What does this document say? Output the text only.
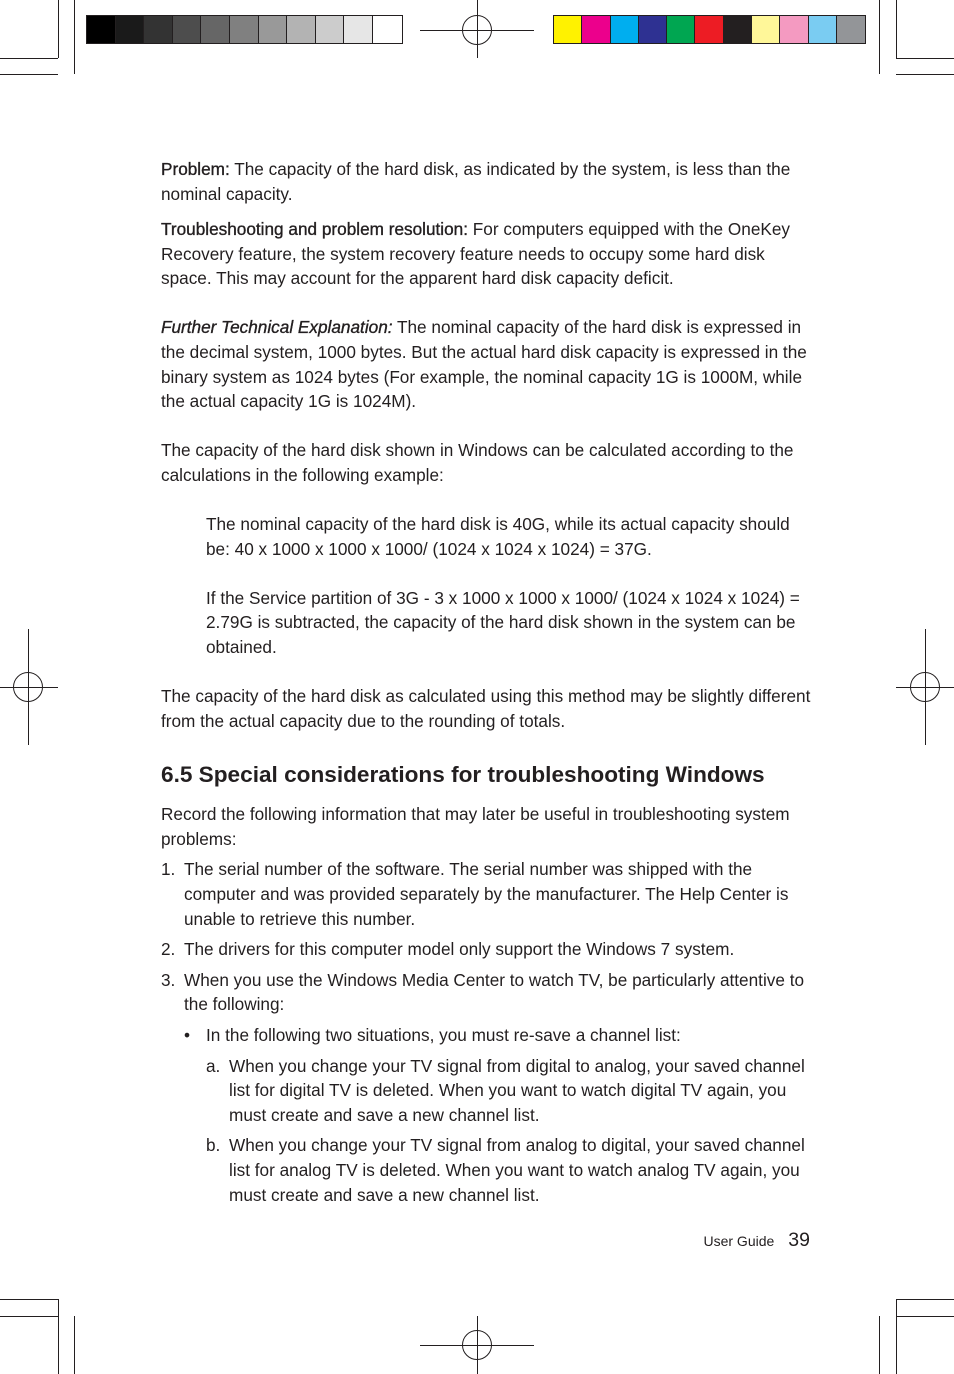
Problem: The capacity of the hard disk, as indicated by the system, is less than the nominal capacity.

Troubleshooting and problem resolution: For computers equipped with the OneKey Recovery feature, the system recovery feature needs to occupy some hard disk space. This may account for the apparent hard disk capacity deficit.

Further Technical Explanation: The nominal capacity of the hard disk is expressed in the decimal system, 1000 bytes. But the actual hard disk capacity is expressed in the binary system as 1024 bytes (For example, the nominal capacity 1G is 1000M, while the actual capacity 1G is 1024M).

The capacity of the hard disk shown in Windows can be calculated according to the calculations in the following example:

The nominal capacity of the hard disk is 40G, while its actual capacity should be: 40 x 1000 x 1000 x 1000/ (1024 x 1024 x 1024) = 37G.

If the Service partition of 3G - 3 x 1000 x 1000 x 1000/ (1024 x 1024 x 1024) = 2.79G is subtracted, the capacity of the hard disk shown in the system can be obtained.

The capacity of the hard disk as calculated using this method may be slightly different from the actual capacity due to the rounding of totals.

6.5 Special considerations for troubleshooting Windows

Record the following information that may later be useful in troubleshooting system problems:

1. The serial number of the software. The serial number was shipped with the computer and was provided separately by the manufacturer. The Help Center is unable to retrieve this number.
2. The drivers for this computer model only support the Windows 7 system.
3. When you use the Windows Media Center to watch TV, be particularly attentive to the following:
• In the following two situations, you must re-save a channel list:
a. When you change your TV signal from digital to analog, your saved channel list for digital TV is deleted. When you want to watch digital TV again, you must create and save a new channel list.
b. When you change your TV signal from analog to digital, your saved channel list for analog TV is deleted. When you want to watch analog TV again, you must create and save a new channel list.
User Guide 39
